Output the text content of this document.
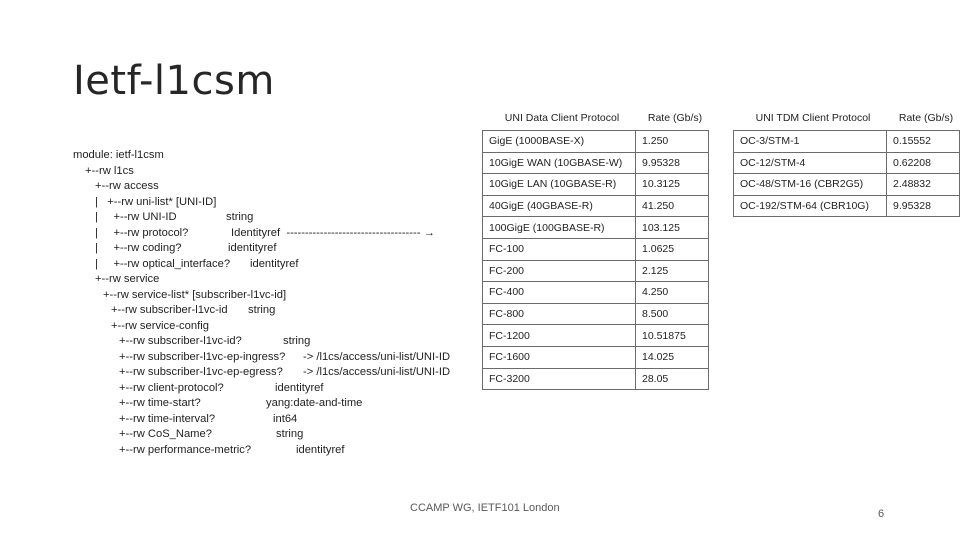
Ietf-l1csm
module: ietf-l1csm
+--rw l1cs
+--rw access
|   +--rw uni-list* [UNI-ID]
|     +--rw UNI-ID	string
|     +--rw protocol?	Identityref  ------------------------------------ →
|     +--rw coding?	identityref
|     +--rw optical_interface? identityref
+--rw service
+--rw service-list* [subscriber-l1vc-id]
+--rw subscriber-l1vc-id string
+--rw service-config
+--rw subscriber-l1vc-id?	string
+--rw subscriber-l1vc-ep-ingress? -> /l1cs/access/uni-list/UNI-ID
+--rw subscriber-l1vc-ep-egress? -> /l1cs/access/uni-list/UNI-ID
+--rw client-protocol?	identityref
+--rw time-start?	yang:date-and-time
+--rw time-interval?	int64
+--rw CoS_Name?	string
+--rw performance-metric?	identityref
UNI Data Client Protocol	Rate (Gb/s)
GigE (1000BASE-X)	1.250
10GigE WAN (10GBASE-W)	9.95328
10GigE LAN (10GBASE-R)	10.3125
40GigE (40GBASE-R)	41.250
100GigE (100GBASE-R)	103.125
FC-100	1.0625
FC-200	2.125
FC-400	4.250
FC-800	8.500
FC-1200	10.51875
FC-1600	14.025
FC-3200	28.05
UNI TDM Client Protocol	Rate (Gb/s)
OC-3/STM-1	0.15552
OC-12/STM-4	0.62208
OC-48/STM-16 (CBR2G5)	2.48832
OC-192/STM-64 (CBR10G)	9.95328
CCAMP WG, IETF101 London	6
